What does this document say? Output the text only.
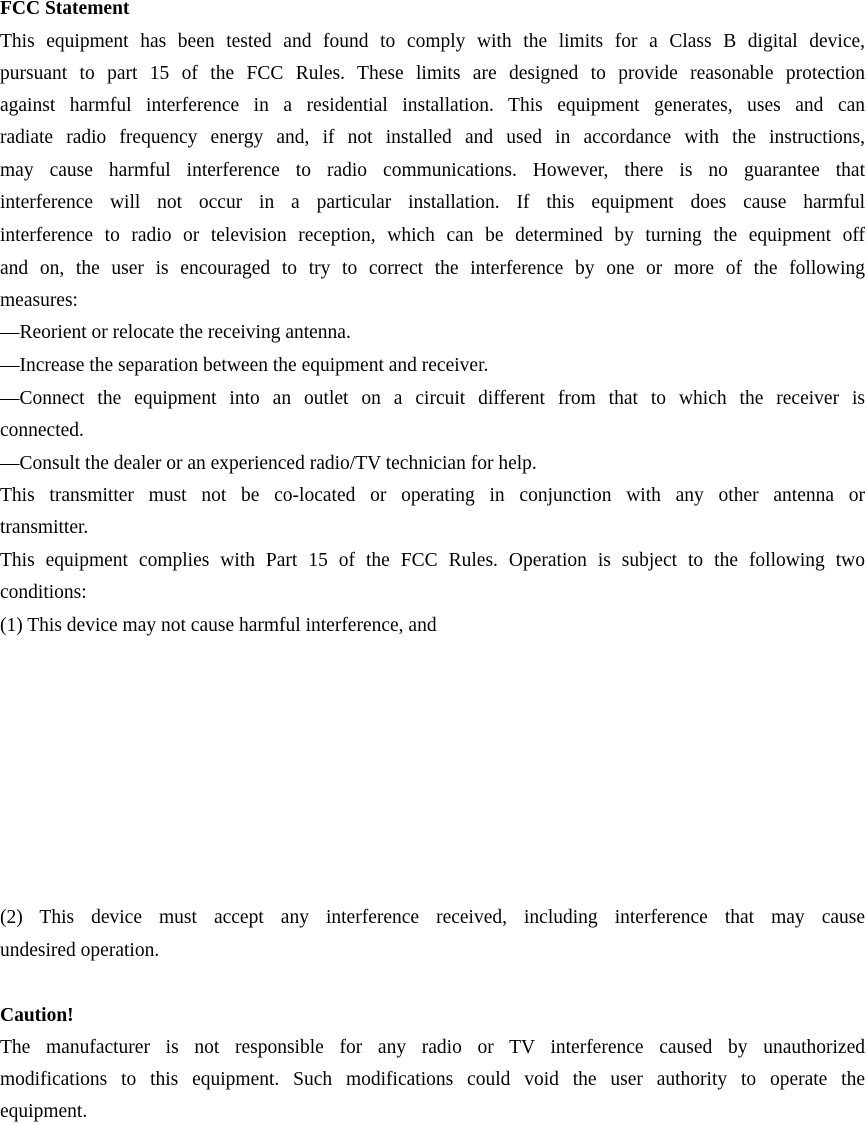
FCC Statement
This equipment has been tested and found to comply with the limits for a Class B digital device,
pursuant to part 15 of the FCC Rules. These limits are designed to provide reasonable protection
against harmful interference in a residential installation. This equipment generates, uses and can
radiate radio frequency energy and, if not installed and used in accordance with the instructions,
may cause harmful interference to radio communications. However, there is no guarantee that
interference will not occur in a particular installation. If this equipment does cause harmful
interference to radio or television reception, which can be determined by turning the equipment off
and on, the user is encouraged to try to correct the interference by one or more of the following
measures:
—Reorient or relocate the receiving antenna.
—Increase the separation between the equipment and receiver.
—Connect the equipment into an outlet on a circuit different from that to which the receiver is
connected.
—Consult the dealer or an experienced radio/TV technician for help.
This transmitter must not be co-located or operating in conjunction with any other antenna or
transmitter.
This equipment complies with Part 15 of the FCC Rules. Operation is subject to the following two
conditions:
(1) This device may not cause harmful interference, and
(2) This device must accept any interference received, including interference that may cause
undesired operation.
Caution!
The manufacturer is not responsible for any radio or TV interference caused by unauthorized
modifications to this equipment. Such modifications could void the user authority to operate the
equipment.
